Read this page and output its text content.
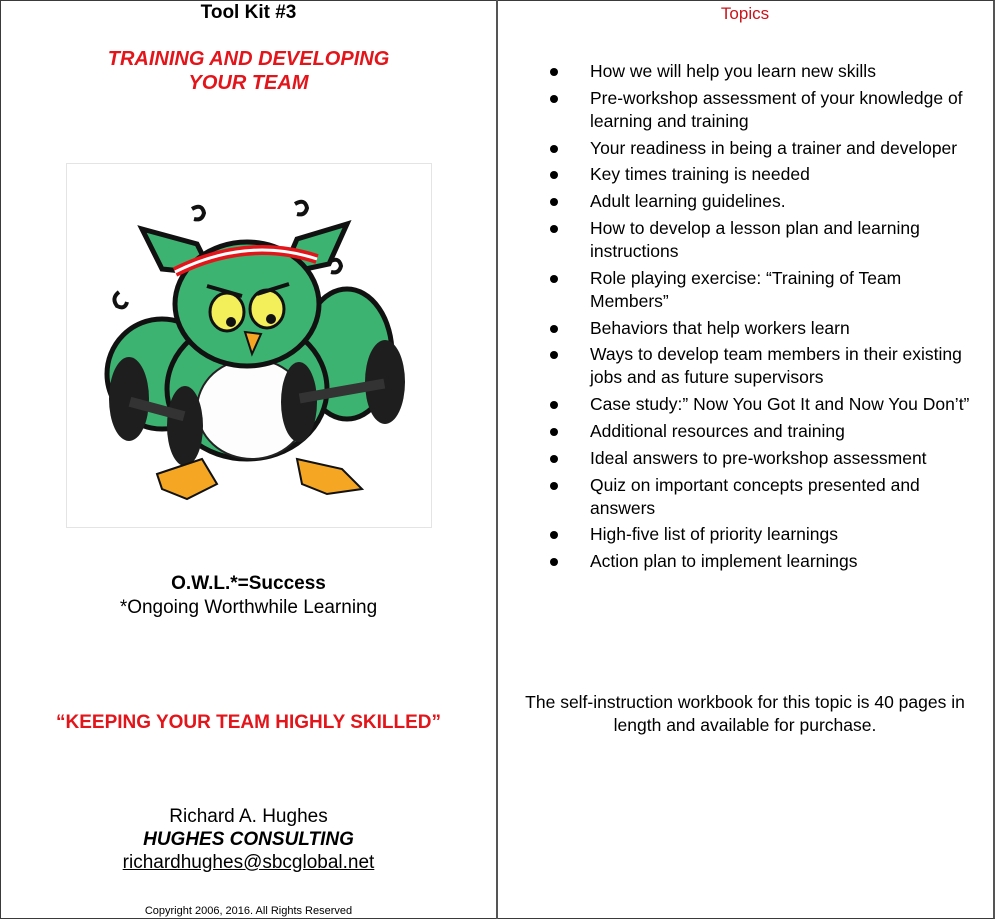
Tool Kit #3
TRAINING AND DEVELOPING
YOUR TEAM
O.W.L.*=Success
*Ongoing Worthwhile Learning
“KEEPING YOUR TEAM HIGHLY SKILLED”
Richard A. Hughes
HUGHES CONSULTING
richardhughes@sbcglobal.net
Copyright 2006, 2016. All Rights Reserved
Topics
How we will help you learn new skills
Pre-workshop assessment of your knowledge of learning and training
Your readiness in being a trainer and developer
Key times training is needed
Adult learning guidelines.
How to develop a lesson plan and learning instructions
Role playing exercise: “Training of Team Members”
Behaviors that help workers learn
Ways to develop team members in their existing jobs and as future supervisors
Case study:” Now You Got It and Now You Don’t”
Additional resources and training
Ideal answers to pre-workshop assessment
Quiz on important concepts presented and answers
High-five list of priority learnings
Action plan to implement learnings
The self-instruction workbook for this topic is 40 pages in length and available for purchase.
